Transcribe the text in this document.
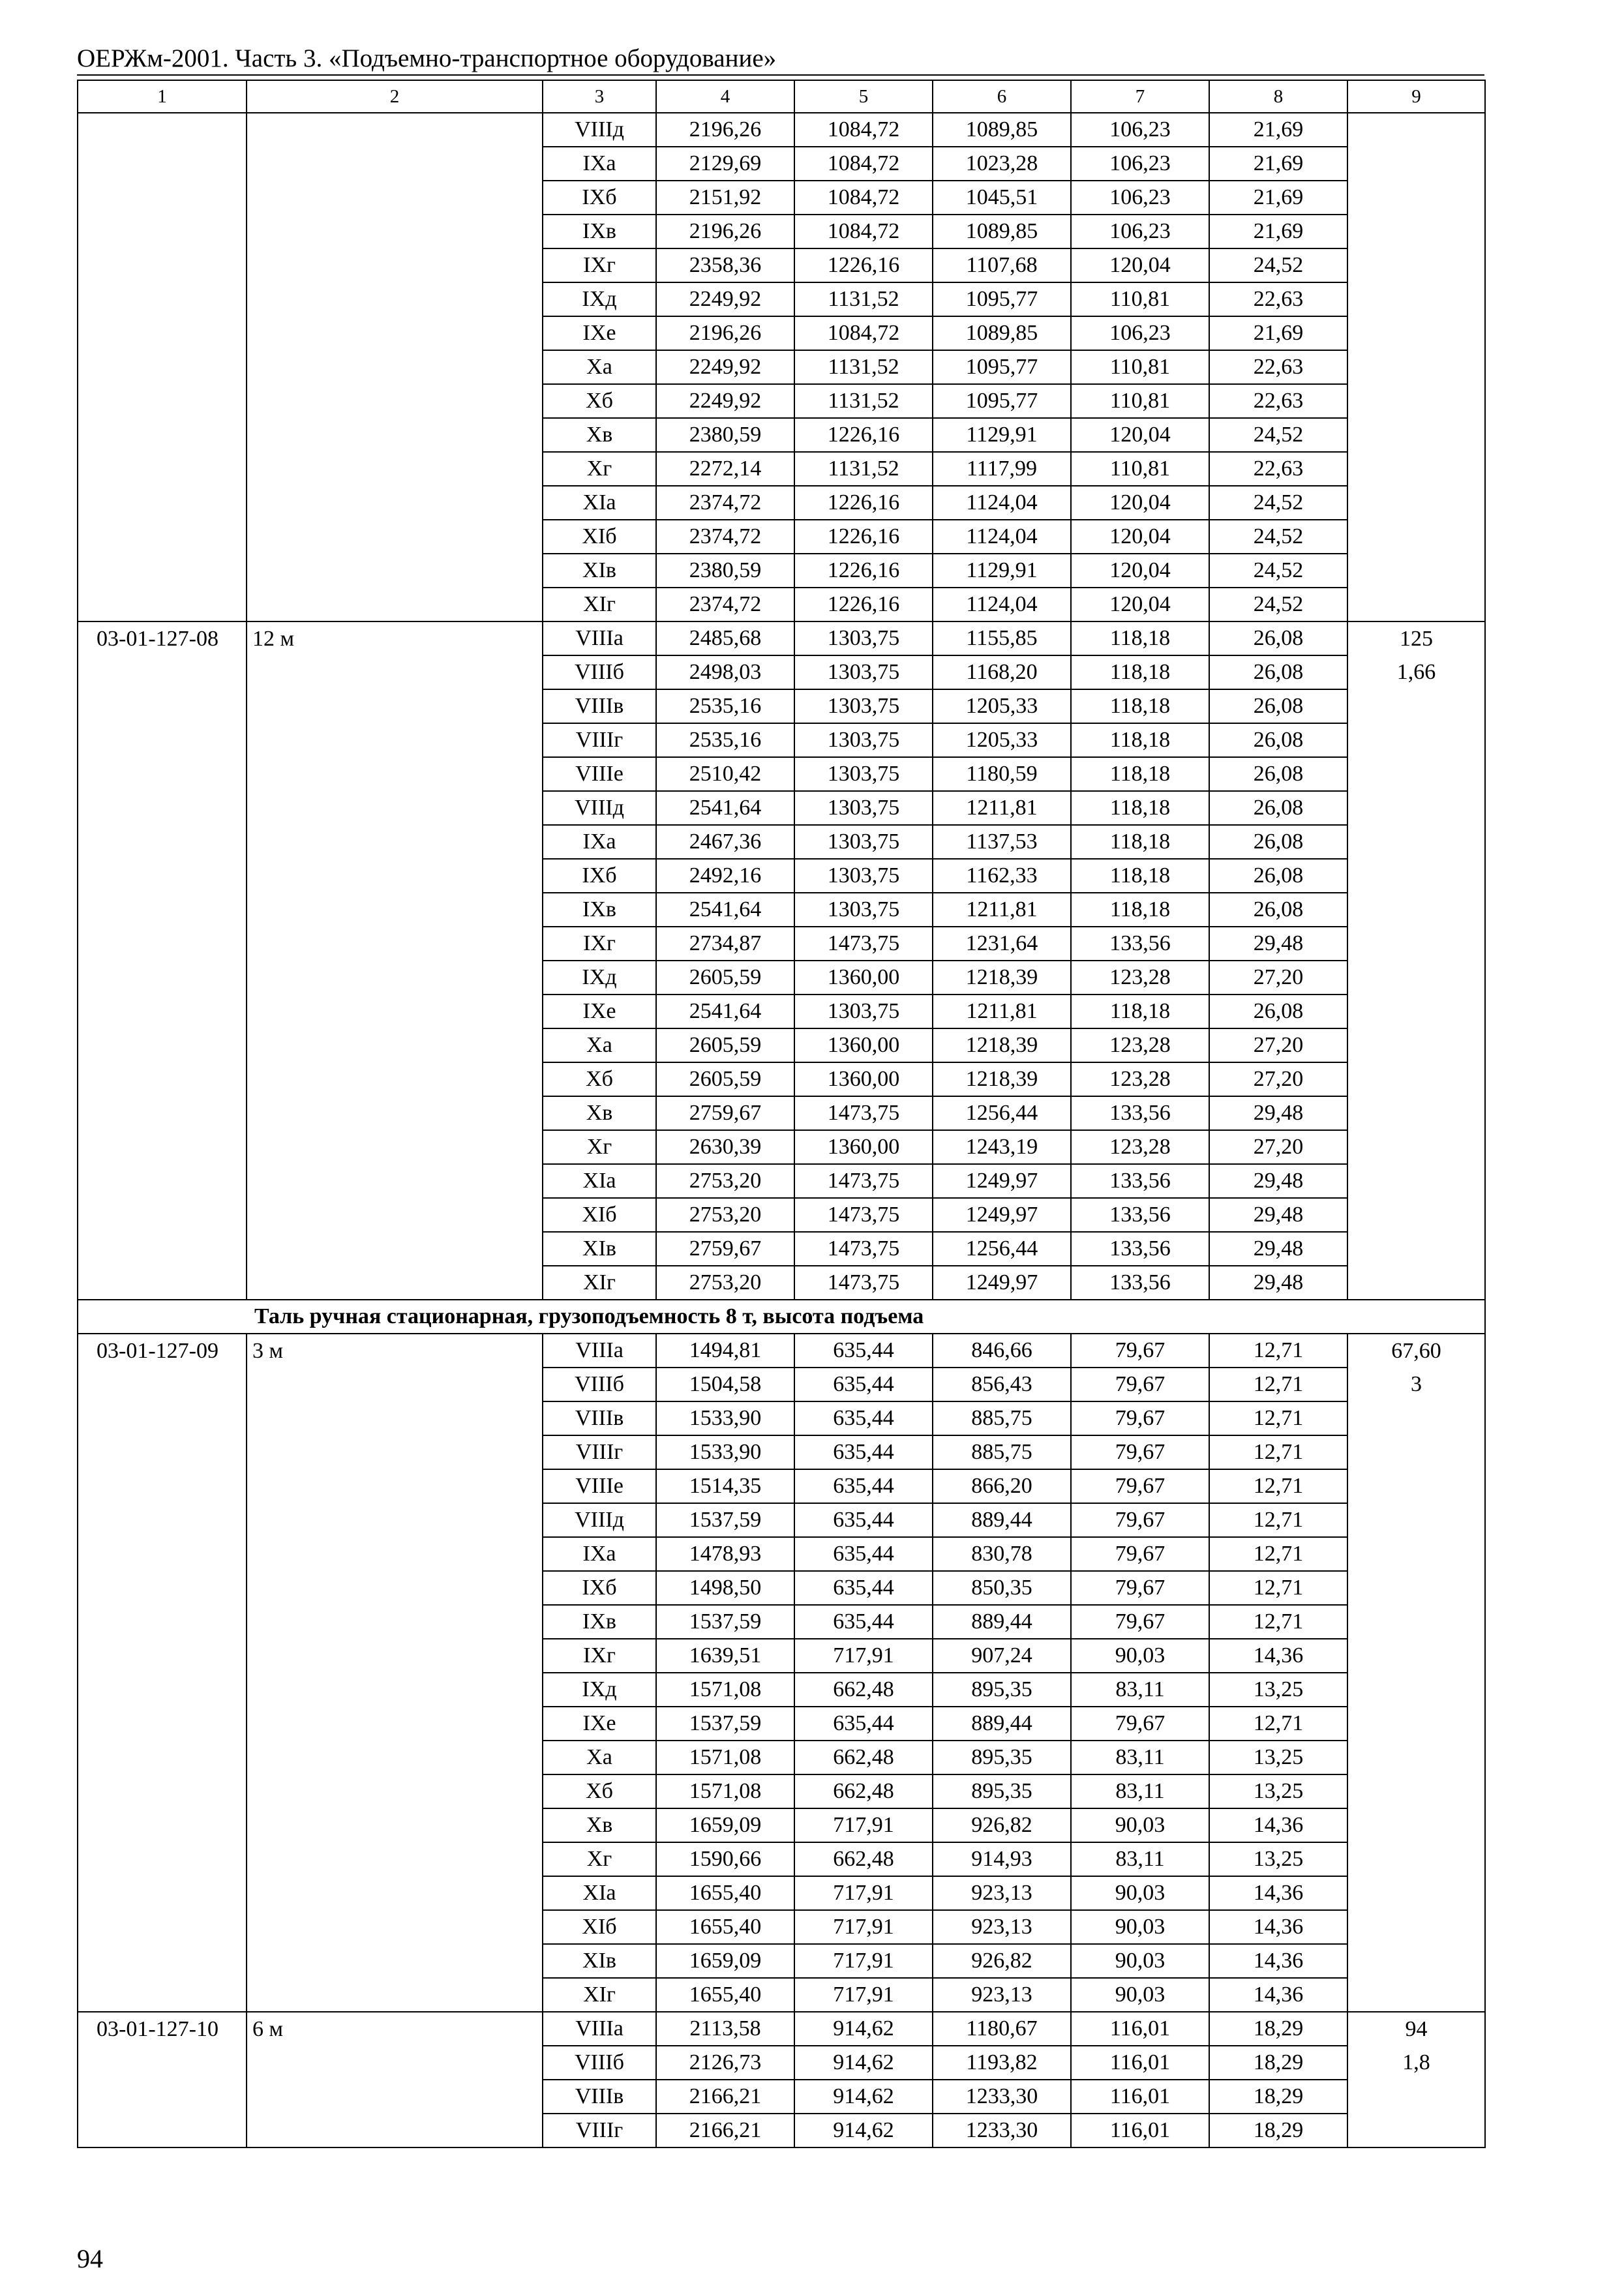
ОЕРЖм-2001. Часть 3. «Подъемно-транспортное оборудование»
1	2	3	4	5	6	7	8	9
		VIIIд	2196,26	1084,72	1089,85	106,23	21,69	
		IXа	2129,69	1084,72	1023,28	106,23	21,69	
		IXб	2151,92	1084,72	1045,51	106,23	21,69	
		IXв	2196,26	1084,72	1089,85	106,23	21,69	
		IXг	2358,36	1226,16	1107,68	120,04	24,52	
		IXд	2249,92	1131,52	1095,77	110,81	22,63	
		IXе	2196,26	1084,72	1089,85	106,23	21,69	
		Xа	2249,92	1131,52	1095,77	110,81	22,63	
		Xб	2249,92	1131,52	1095,77	110,81	22,63	
		Xв	2380,59	1226,16	1129,91	120,04	24,52	
		Xг	2272,14	1131,52	1117,99	110,81	22,63	
		XIа	2374,72	1226,16	1124,04	120,04	24,52	
		XIб	2374,72	1226,16	1124,04	120,04	24,52	
		XIв	2380,59	1226,16	1129,91	120,04	24,52	
		XIг	2374,72	1226,16	1124,04	120,04	24,52	
03-01-127-08	12 м	VIIIа	2485,68	1303,75	1155,85	118,18	26,08	125
		VIIIб	2498,03	1303,75	1168,20	118,18	26,08	1,66
		VIIIв	2535,16	1303,75	1205,33	118,18	26,08	
		VIIIг	2535,16	1303,75	1205,33	118,18	26,08	
		VIIIе	2510,42	1303,75	1180,59	118,18	26,08	
		VIIIд	2541,64	1303,75	1211,81	118,18	26,08	
		IXа	2467,36	1303,75	1137,53	118,18	26,08	
		IXб	2492,16	1303,75	1162,33	118,18	26,08	
		IXв	2541,64	1303,75	1211,81	118,18	26,08	
		IXг	2734,87	1473,75	1231,64	133,56	29,48	
		IXд	2605,59	1360,00	1218,39	123,28	27,20	
		IXе	2541,64	1303,75	1211,81	118,18	26,08	
		Xа	2605,59	1360,00	1218,39	123,28	27,20	
		Xб	2605,59	1360,00	1218,39	123,28	27,20	
		Xв	2759,67	1473,75	1256,44	133,56	29,48	
		Xг	2630,39	1360,00	1243,19	123,28	27,20	
		XIа	2753,20	1473,75	1249,97	133,56	29,48	
		XIб	2753,20	1473,75	1249,97	133,56	29,48	
		XIв	2759,67	1473,75	1256,44	133,56	29,48	
		XIг	2753,20	1473,75	1249,97	133,56	29,48	
Таль ручная стационарная, грузоподъемность 8 т, высота подъема								
03-01-127-09	3 м	VIIIа	1494,81	635,44	846,66	79,67	12,71	67,60
		VIIIб	1504,58	635,44	856,43	79,67	12,71	3
		VIIIв	1533,90	635,44	885,75	79,67	12,71	
		VIIIг	1533,90	635,44	885,75	79,67	12,71	
		VIIIе	1514,35	635,44	866,20	79,67	12,71	
		VIIIд	1537,59	635,44	889,44	79,67	12,71	
		IXа	1478,93	635,44	830,78	79,67	12,71	
		IXб	1498,50	635,44	850,35	79,67	12,71	
		IXв	1537,59	635,44	889,44	79,67	12,71	
		IXг	1639,51	717,91	907,24	90,03	14,36	
		IXд	1571,08	662,48	895,35	83,11	13,25	
		IXе	1537,59	635,44	889,44	79,67	12,71	
		Xа	1571,08	662,48	895,35	83,11	13,25	
		Xб	1571,08	662,48	895,35	83,11	13,25	
		Xв	1659,09	717,91	926,82	90,03	14,36	
		Xг	1590,66	662,48	914,93	83,11	13,25	
		XIа	1655,40	717,91	923,13	90,03	14,36	
		XIб	1655,40	717,91	923,13	90,03	14,36	
		XIв	1659,09	717,91	926,82	90,03	14,36	
		XIг	1655,40	717,91	923,13	90,03	14,36	
03-01-127-10	6 м	VIIIа	2113,58	914,62	1180,67	116,01	18,29	94
		VIIIб	2126,73	914,62	1193,82	116,01	18,29	1,8
		VIIIв	2166,21	914,62	1233,30	116,01	18,29	
		VIIIг	2166,21	914,62	1233,30	116,01	18,29	
94
